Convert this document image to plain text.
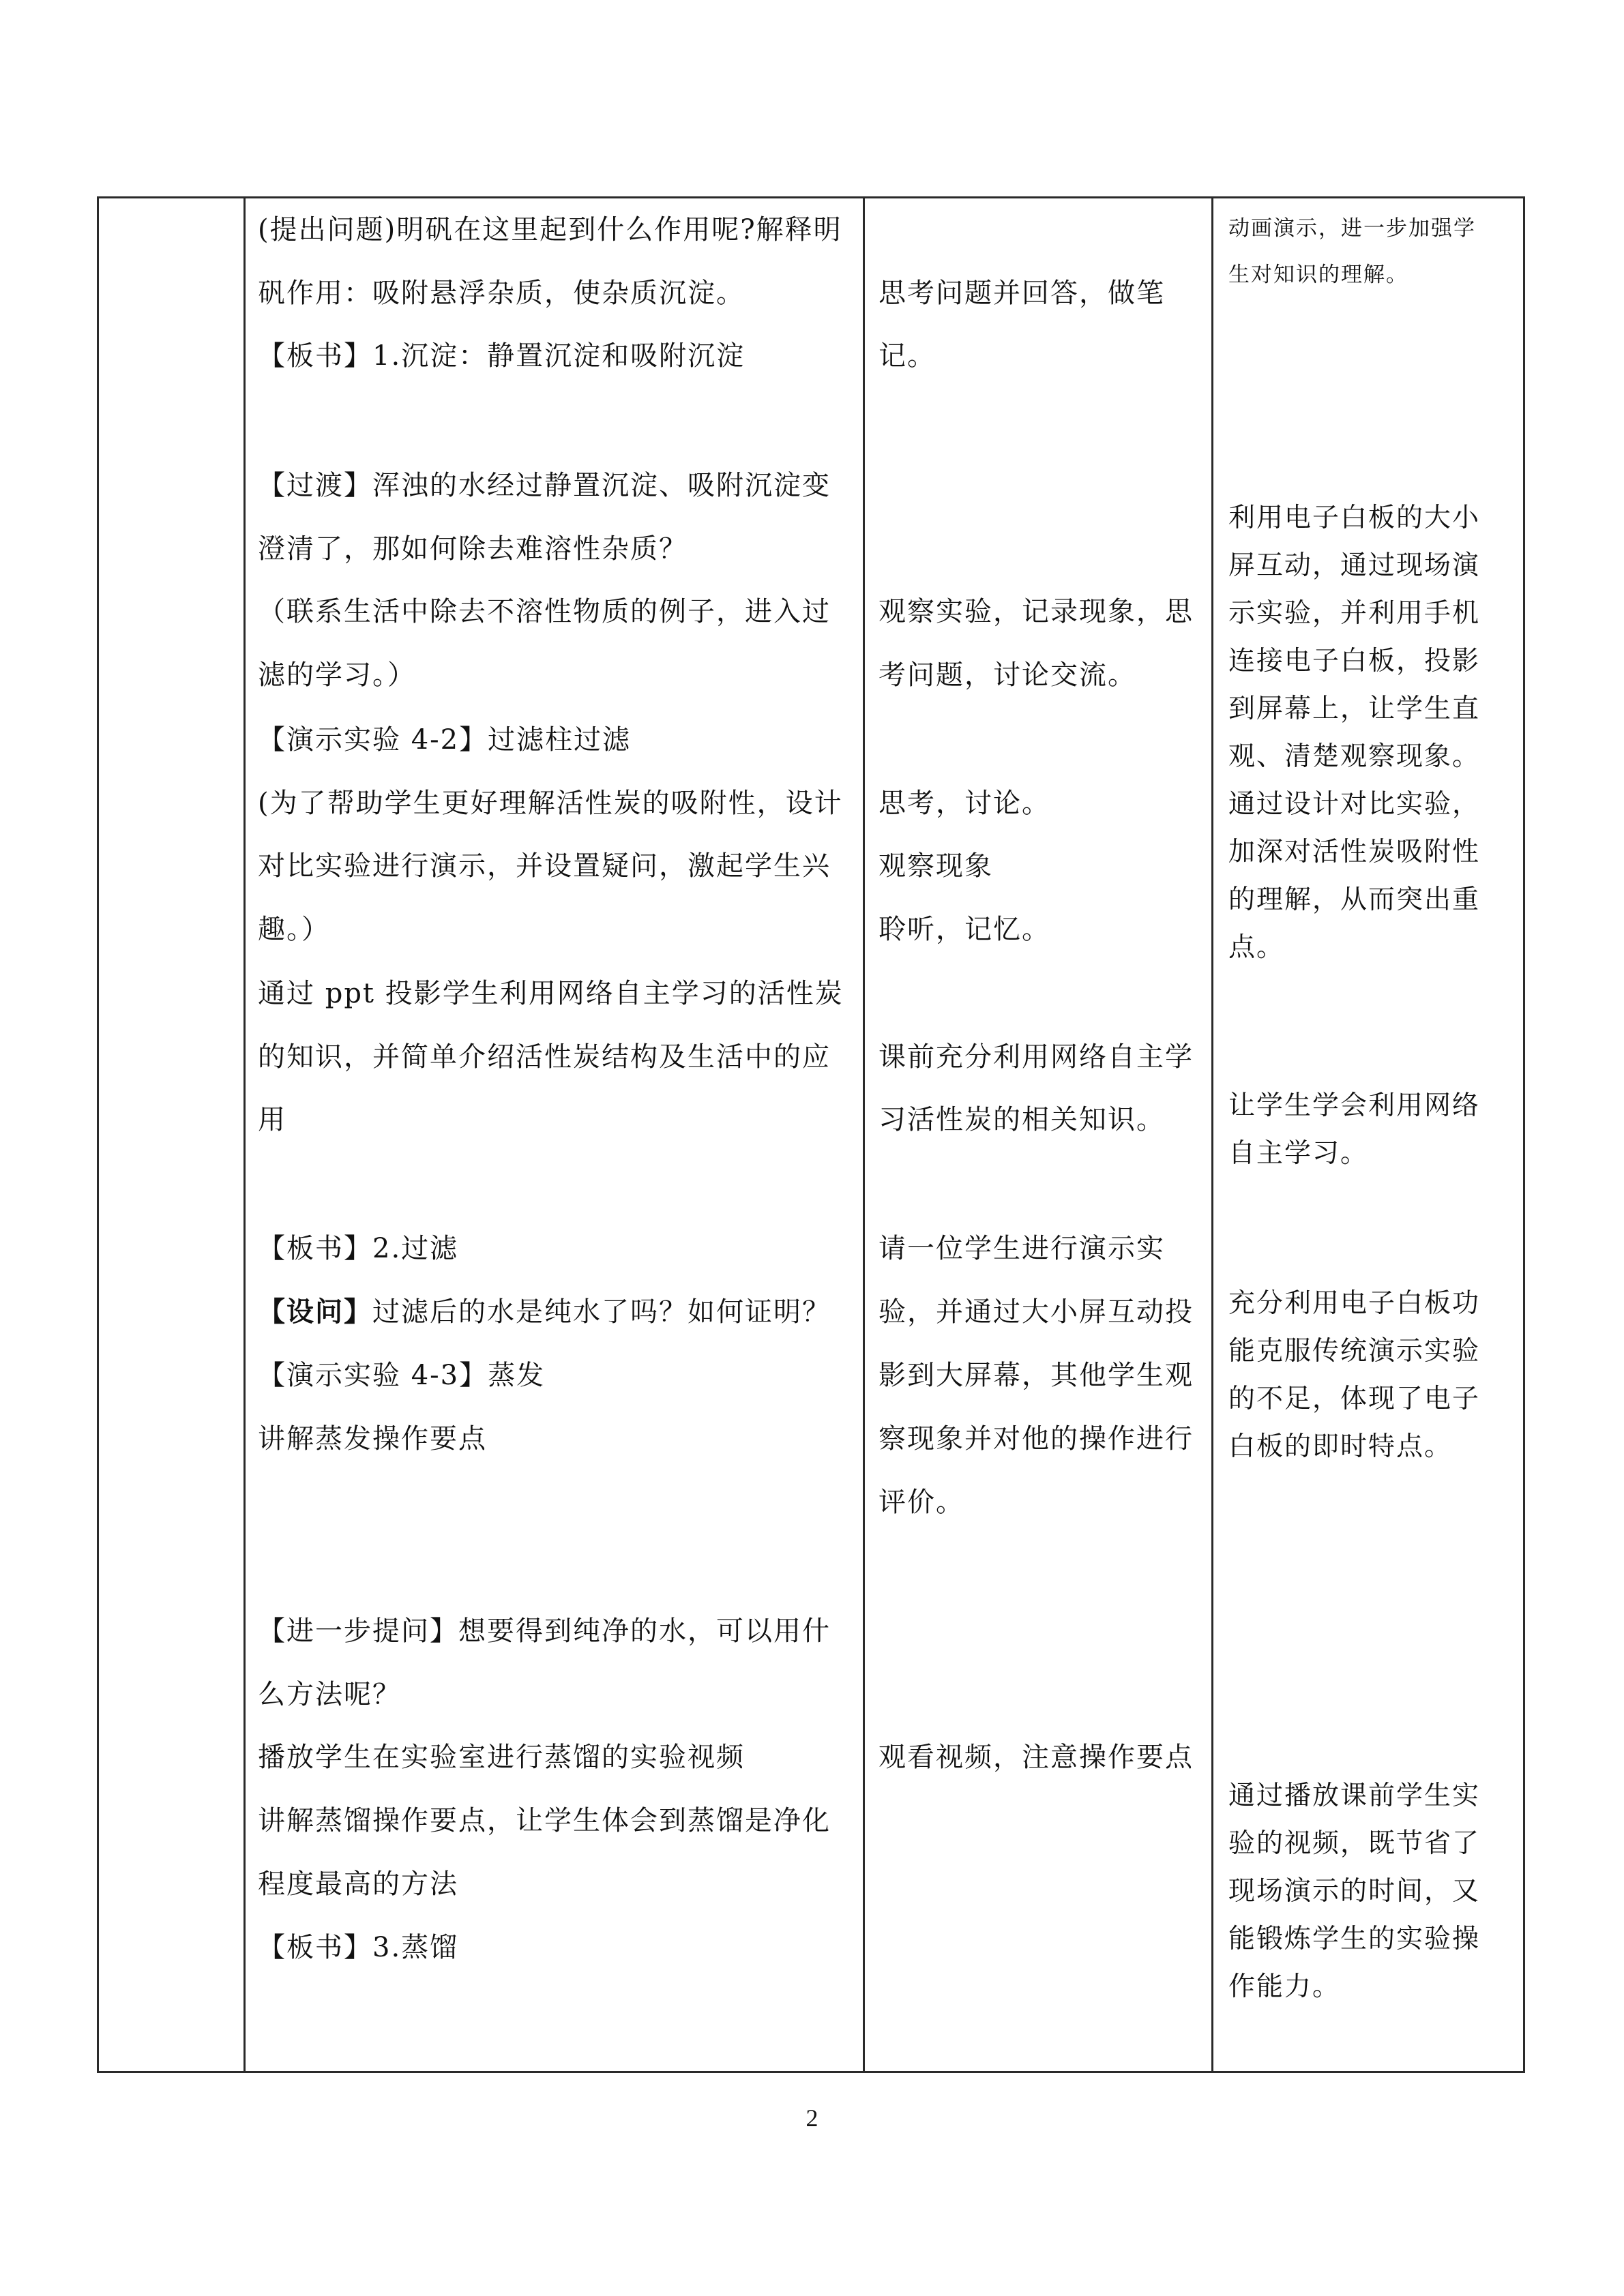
(提出问题)明矾在这里起到什么作用呢?解释明

矾作用：吸附悬浮杂质，使杂质沉淀。

【板书】1.沉淀：静置沉淀和吸附沉淀

【过渡】浑浊的水经过静置沉淀、吸附沉淀变

澄清了，那如何除去难溶性杂质？

（联系生活中除去不溶性物质的例子，进入过

滤的学习。）

【演示实验 4-2】过滤柱过滤

(为了帮助学生更好理解活性炭的吸附性，设计

对比实验进行演示，并设置疑问，激起学生兴

趣。）

通过 ppt 投影学生利用网络自主学习的活性炭

的知识，并简单介绍活性炭结构及生活中的应

用

【板书】2.过滤

【设问】过滤后的水是纯水了吗？如何证明？

【演示实验 4-3】蒸发

讲解蒸发操作要点

【进一步提问】想要得到纯净的水，可以用什

么方法呢？

播放学生在实验室进行蒸馏的实验视频

讲解蒸馏操作要点，让学生体会到蒸馏是净化

程度最高的方法

【板书】3.蒸馏

思考问题并回答，做笔

记。

观察实验，记录现象，思

考问题，讨论交流。

思考，讨论。

观察现象

聆听，记忆。

课前充分利用网络自主学

习活性炭的相关知识。

请一位学生进行演示实

验，并通过大小屏互动投

影到大屏幕，其他学生观

察现象并对他的操作进行

评价。

观看视频，注意操作要点

动画演示，进一步加强学

生对知识的理解。

利用电子白板的大小

屏互动，通过现场演

示实验，并利用手机

连接电子白板，投影

到屏幕上，让学生直

观、清楚观察现象。

通过设计对比实验，

加深对活性炭吸附性

的理解，从而突出重

点。

让学生学会利用网络

自主学习。

充分利用电子白板功

能克服传统演示实验

的不足，体现了电子

白板的即时特点。

通过播放课前学生实

验的视频，既节省了

现场演示的时间，又

能锻炼学生的实验操

作能力。

2
